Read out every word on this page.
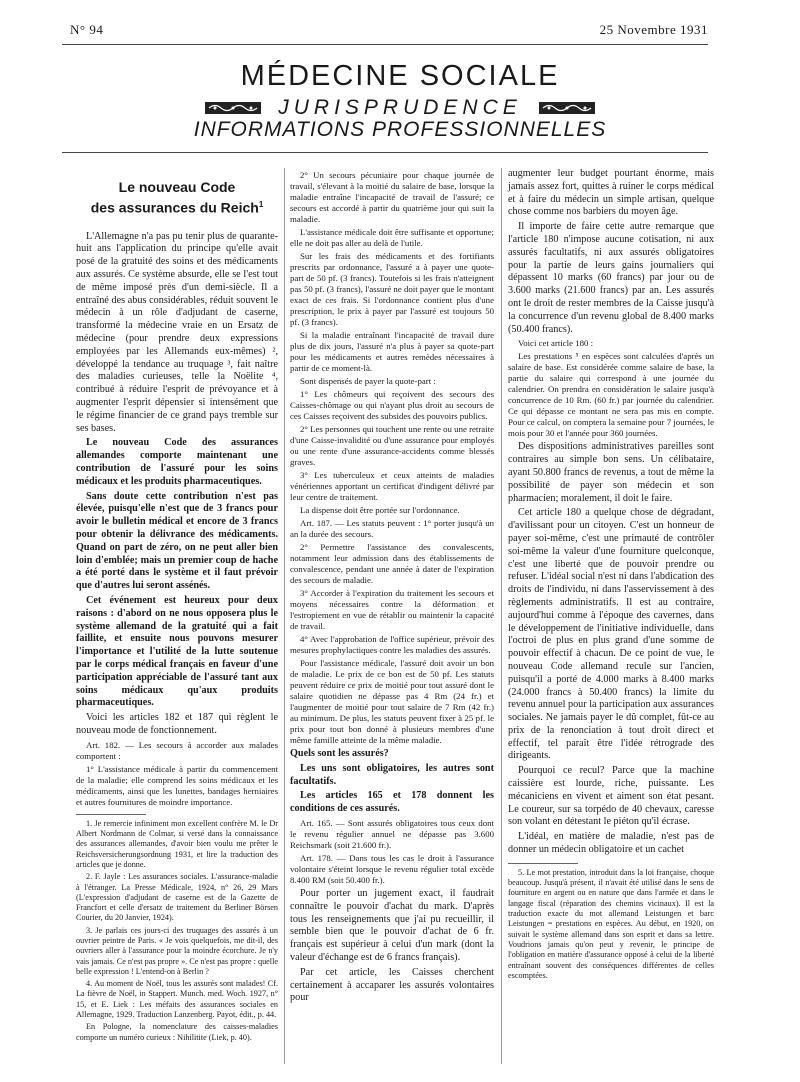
N° 94	25 Novembre 1931
MÉDECINE SOCIALE
JURISPRUDENCE
INFORMATIONS PROFESSIONNELLES
Le nouveau Code
des assurances du Reich$^1$

L'Allemagne n'a pas pu tenir plus de quarante-huit ans l'application du principe qu'elle avait posé de la gratuité des soins et des médicaments aux assurés. Ce système absurde, elle se l'est tout de même imposé près d'un demi-siècle. Il a entraîné des abus considérables, réduit souvent le médecin à un rôle d'adjudant de caserne, transformé la médecine vraie en un Ersatz de médecine (pour prendre deux expressions employées par les Allemands eux-mêmes) ², développé la tendance au truquage ³, fait naître des maladies curieuses, telle la Noëlite ⁴, contribué à réduire l'esprit de prévoyance et à augmenter l'esprit dépensier si intensément que le régime financier de ce grand pays tremble sur ses bases.

Le nouveau Code des assurances allemandes comporte maintenant une contribution de l'assuré pour les soins médicaux et les produits pharmaceutiques.

Sans doute cette contribution n'est pas élevée, puisqu'elle n'est que de 3 francs pour avoir le bulletin médical et encore de 3 francs pour obtenir la délivrance des médicaments. Quand on part de zéro, on ne peut aller bien loin d'emblée; mais un premier coup de hache a été porté dans le système et il faut prévoir que d'autres lui seront assénés.

Cet événement est heureux pour deux raisons : d'abord on ne nous opposera plus le système allemand de la gratuité qui a fait faillite, et ensuite nous pouvons mesurer l'importance et l'utilité de la lutte soutenue par le corps médical français en faveur d'une participation appréciable de l'assuré tant aux soins médicaux qu'aux produits pharmaceutiques.

Voici les articles 182 et 187 qui règlent le nouveau mode de fonctionnement.

Art. 182. — Les secours à accorder aux malades comportent :

1° L'assistance médicale à partir du commencement de la maladie; elle comprend les soins médicaux et les médicaments, ainsi que les lunettes, bandages herniaires et autres fournitures de moindre importance.

1. Je remercie infiniment mon excellent confrère M. le Dr Albert Nordmann de Colmar, si versé dans la connaissance des assurances allemandes, d'avoir bien voulu me prêter le Reichsversicherungsordnung 1931, et lire la traduction des articles que je donne.

2. F. Jayle : Les assurances sociales. L'assurance-maladie à l'étranger. La Presse Médicale, 1924, n° 26, 29 Mars (L'expression d'adjudant de caserne est de la Gazette de Francfort et celle d'ersatz de traitement du Berliner Börsen Courier, du 20 Janvier, 1924).

3. Je parlais ces jours-ci des truquages des assurés à un ouvrier peintre de Paris. « Je vois quelquefois, me dit-il, des ouvriers aller à l'assurance pour la moindre écorchure. Je n'y vais jamais. Ce n'est pas propre ». Ce n'est pas propre : quelle belle expression ! L'entend-on à Berlin ?

4. Au moment de Noël, tous les assurés sont malades! Cf. La fièvre de Noël, in Stappert. Munch. med. Woch. 1927, n° 15, et E. Liek : Les méfaits des assurances sociales en Allemagne, 1929. Traduction Lanzenberg. Payot, édit., p. 44.

En Pologne, la nomenclature des caisses-maladies comporte un numéro curieux : Nihilitite (Liek, p. 40).

2° Un secours pécuniaire pour chaque journée de travail, s'élevant à la moitié du salaire de base, lorsque la maladie entraîne l'incapacité de travail de l'assuré; ce secours est accordé à partir du quatrième jour qui suit la maladie.

L'assistance médicale doit être suffisante et opportune; elle ne doit pas aller au delà de l'utile.

Sur les frais des médicaments et des fortifiants prescrits par ordonnance, l'assuré a à payer une quote-part de 50 pf. (3 francs). Toutefois si les frais n'atteignent pas 50 pf. (3 francs), l'assuré ne doit payer que le montant exact de ces frais. Si l'ordonnance contient plus d'une prescription, le prix à payer par l'assuré est toujours 50 pf. (3 francs).

Si la maladie entraînant l'incapacité de travail dure plus de dix jours, l'assuré n'a plus à payer sa quote-part pour les médicaments et autres remèdes nécessaires à partir de ce moment-là.

Sont dispensés de payer la quote-part :

1° Les chômeurs qui reçoivent des secours des Caisses-chômage ou qui n'ayant plus droit au secours de ces Caisses reçoivent des subsides des pouvoirs publics.

2° Les personnes qui touchent une rente ou une retraite d'une Caisse-invalidité ou d'une assurance pour employés ou une rente d'une assurance-accidents comme blessés graves.

3° Les tuberculeux et ceux atteints de maladies vénériennes apportant un certificat d'indigent délivré par leur centre de traitement.

La dispense doit être portée sur l'ordonnance.

Art. 187. — Les statuts peuvent : 1° porter jusqu'à un an la durée des secours.

2° Permettre l'assistance des convalescents, notamment leur admission dans des établissements de convalescence, pendant une année à dater de l'expiration des secours de maladie.

3° Accorder à l'expiration du traitement les secours et moyens nécessaires contre la déformation et l'estropiement en vue de rétablir ou maintenir la capacité de travail.

4° Avec l'approbation de l'office supérieur, prévoir des mesures prophylactiques contre les maladies des assurés.

Pour l'assistance médicale, l'assuré doit avoir un bon de maladie. Le prix de ce bon est de 50 pf. Les statuts peuvent réduire ce prix de moitié pour tout assuré dont le salaire quotidien ne dépasse pas 4 Rm (24 fr.) et l'augmenter de moitié pour tout salaire de 7 Rm (42 fr.) au minimum. De plus, les statuts peuvent fixer à 25 pf. le prix pour tout bon donné à plusieurs membres d'une même famille atteinte de la même maladie.

Quels sont les assurés?

Les uns sont obligatoires, les autres sont facultatifs.

Les articles 165 et 178 donnent les conditions de ces assurés.

Art. 165. — Sont assurés obligatoires tous ceux dont le revenu régulier annuel ne dépasse pas 3.600 Reichsmark (soit 21.600 fr.).

Art. 178. — Dans tous les cas le droit à l'assurance volontaire s'éteint lorsque le revenu régulier total excède 8.400 RM (soit 50.400 fr.).

Pour porter un jugement exact, il faudrait connaître le pouvoir d'achat du mark. D'après tous les renseignements que j'ai pu recueillir, il semble bien que le pouvoir d'achat de 6 fr. français est supérieur à celui d'un mark (dont la valeur d'échange est de 6 francs français).

Par cet article, les Caisses cherchent certainement à accaparer les assurés volontaires pour

augmenter leur budget pourtant énorme, mais jamais assez fort, quittes à ruiner le corps médical et à faire du médecin un simple artisan, quelque chose comme nos barbiers du moyen âge.

Il importe de faire cette autre remarque que l'article 180 n'impose aucune cotisation, ni aux assurés facultatifs, ni aux assurés obligatoires pour la partie de leurs gains journaliers qui dépassent 10 marks (60 francs) par jour ou de 3.600 marks (21.600 francs) par an. Les assurés ont le droit de rester membres de la Caisse jusqu'à la concurrence d'un revenu global de 8.400 marks (50.400 francs).

Voici cet article 180 :

Les prestations ⁵ en espèces sont calculées d'après un salaire de base. Est considérée comme salaire de base, la partie du salaire qui correspond à une journée du calendrier. On prendra en considération le salaire jusqu'à concurrence de 10 Rm. (60 fr.) par journée du calendrier. Ce qui dépasse ce montant ne sera pas mis en compte. Pour ce calcul, on comptera la semaine pour 7 journées, le mois pour 30 et l'année pour 360 journées.

Des dispositions administratives pareilles sont contraires au simple bon sens. Un célibataire, ayant 50.800 francs de revenus, a tout de même la possibilité de payer son médecin et son pharmacien; moralement, il doit le faire.

Cet article 180 a quelque chose de dégradant, d'avilissant pour un citoyen. C'est un honneur de payer soi-même, c'est une primauté de contrôler soi-même la valeur d'une fourniture quelconque, c'est une liberté que de pouvoir prendre ou refuser. L'idéal social n'est ni dans l'abdication des droits de l'individu, ni dans l'asservissement à des règlements administratifs. Il est au contraire, aujourd'hui comme à l'époque des cavernes, dans le développement de l'initiative individuelle, dans l'octroi de plus en plus grand d'une somme de pouvoir effectif à chacun. De ce point de vue, le nouveau Code allemand recule sur l'ancien, puisqu'il a porté de 4.000 marks à 8.400 marks (24.000 francs à 50.400 francs) la limite du revenu annuel pour la participation aux assurances sociales. Ne jamais payer le dû complet, fût-ce au prix de la renonciation à tout droit direct et effectif, tel paraît être l'idée rétrograde des dirigeants.

Pourquoi ce recul? Parce que la machine caissière est lourde, riche, puissante. Les mécaniciens en vivent et aiment son état pesant. Le coureur, sur sa torpédo de 40 chevaux, caresse son volant en détestant le piéton qu'il écrase.

L'idéal, en matière de maladie, n'est pas de donner un médecin obligatoire et un cachet

5. Le mot prestation, introduit dans la loi française, choque beaucoup. Jusqu'à présent, il n'avait été utilisé dans le sens de fourniture en argent ou en nature que dans l'armée et dans le langage fiscal (réparation des chemins vicinaux). Il est la traduction exacte du mot allemand Leistungen et barc Leistungen = prestations en espèces. Au début, en 1920, on suivait le système allemand dans son esprit et dans sa lettre. Voudrions jamais qu'on peut y revenir, le principe de l'obligation en matière d'assurance opposé à celui de la liberté entraînant souvent des conséquences différentes de celles escomptées.
